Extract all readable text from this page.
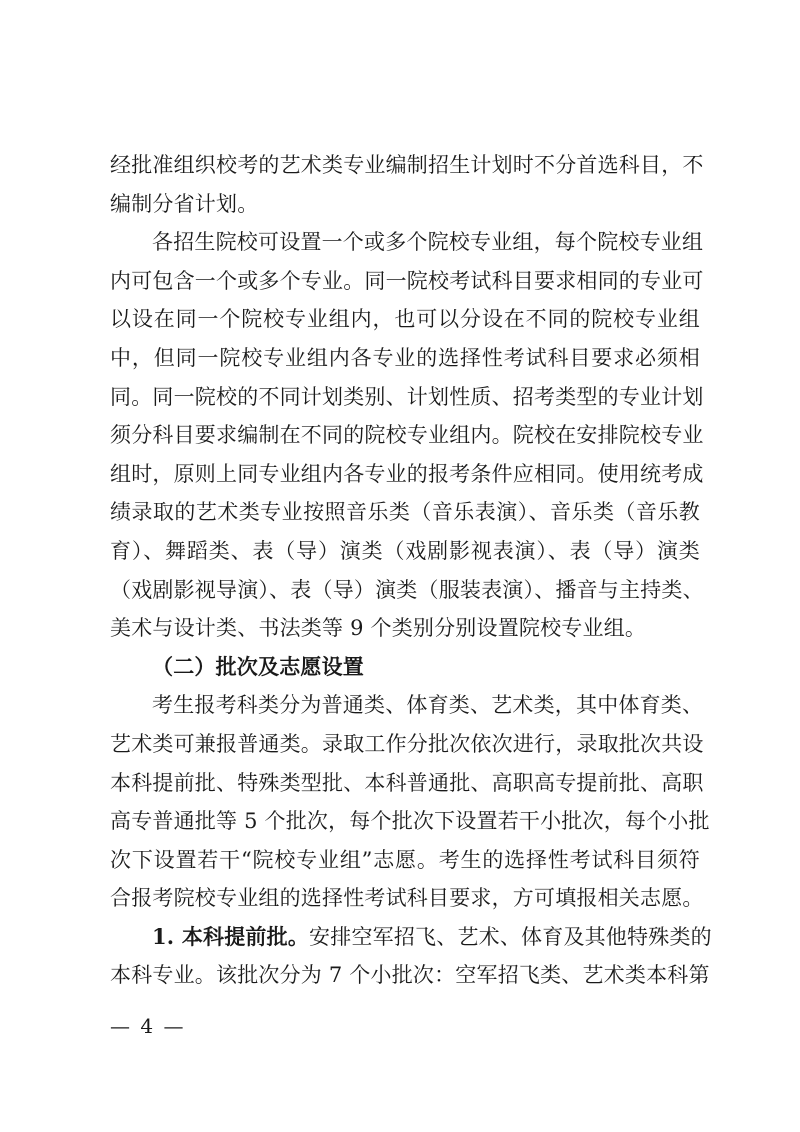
经批准组织校考的艺术类专业编制招生计划时不分首选科目，不
编制分省计划。
各招生院校可设置一个或多个院校专业组，每个院校专业组
内可包含一个或多个专业。同一院校考试科目要求相同的专业可
以设在同一个院校专业组内，也可以分设在不同的院校专业组
中，但同一院校专业组内各专业的选择性考试科目要求必须相
同。同一院校的不同计划类别、计划性质、招考类型的专业计划
须分科目要求编制在不同的院校专业组内。院校在安排院校专业
组时，原则上同专业组内各专业的报考条件应相同。使用统考成
绩录取的艺术类专业按照音乐类（音乐表演）、音乐类（音乐教
育）、舞蹈类、表（导）演类（戏剧影视表演）、表（导）演类
（戏剧影视导演）、表（导）演类（服装表演）、播音与主持类、
美术与设计类、书法类等 9 个类别分别设置院校专业组。
（二）批次及志愿设置
考生报考科类分为普通类、体育类、艺术类，其中体育类、
艺术类可兼报普通类。录取工作分批次依次进行，录取批次共设
本科提前批、特殊类型批、本科普通批、高职高专提前批、高职
高专普通批等 5 个批次，每个批次下设置若干小批次，每个小批
次下设置若干“院校专业组”志愿。考生的选择性考试科目须符
合报考院校专业组的选择性考试科目要求，方可填报相关志愿。
1. 本科提前批。安排空军招飞、艺术、体育及其他特殊类的
本科专业。该批次分为 7 个小批次：空军招飞类、艺术类本科第
— 4 —
